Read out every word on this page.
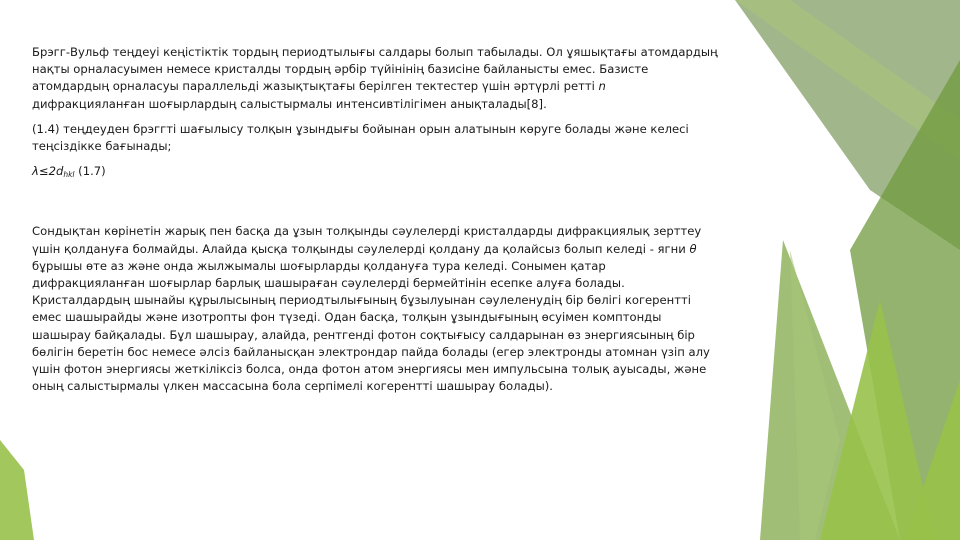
Брэгг-Вульф теңдеуі кеңістіктік тордың периодтылығы салдары болып табылады. Ол ұяшықтағы атомдардың нақты орналасуымен немесе кристалды тордың әрбір түйінінің базисіне байланысты емес. Базисте атомдардың орналасуы параллельді жазықтықтағы берілген тектестер үшін әртүрлі ретті n дифракцияланған шоғырлардың салыстырмалы интенсивтілігімен анықталады[8].

(1.4) теңдеуден брэггті шағылысу толқын ұзындығы бойынан орын алатынын көруге болады және келесі теңсіздікке бағынады;

$\lambda\le 2d_{hkl}$ (1.7)

Сондықтан көрінетін жарық пен басқа да ұзын толқынды сәулелерді кристалдарды дифракциялық зерттеу үшін қолдануға болмайды. Алайда қысқа толқынды сәулелерді қолдану да қолайсыз болып келеді - ягни θ бұрышы өте аз және онда жылжымалы шоғырларды қолдануға тура келеді. Сонымен қатар дифракцияланған шоғырлар барлық шашыраған сәулелерді бермейтінін есепке алуға болады. Кристалдардың шынайы құрылысының периодтылығының бұзылуынан сәулеленудің бір бөлігі когерентті емес шашырайды және изотропты фон түзеді. Одан басқа, толқын ұзындығының өсуімен комптонды шашырау байқалады. Бұл шашырау, алайда, рентгенді фотон соқтығысу салдарынан өз энергиясының бір бөлігін беретін бос немесе әлсіз байланысқан электрондар пайда болады (егер электронды атомнан үзіп алу үшін фотон энергиясы жеткіліксіз болса, онда фотон атом энергиясы мен импульсына толық ауысады, және оның салыстырмалы үлкен массасына бола серпімелі когерентті шашырау болады).
